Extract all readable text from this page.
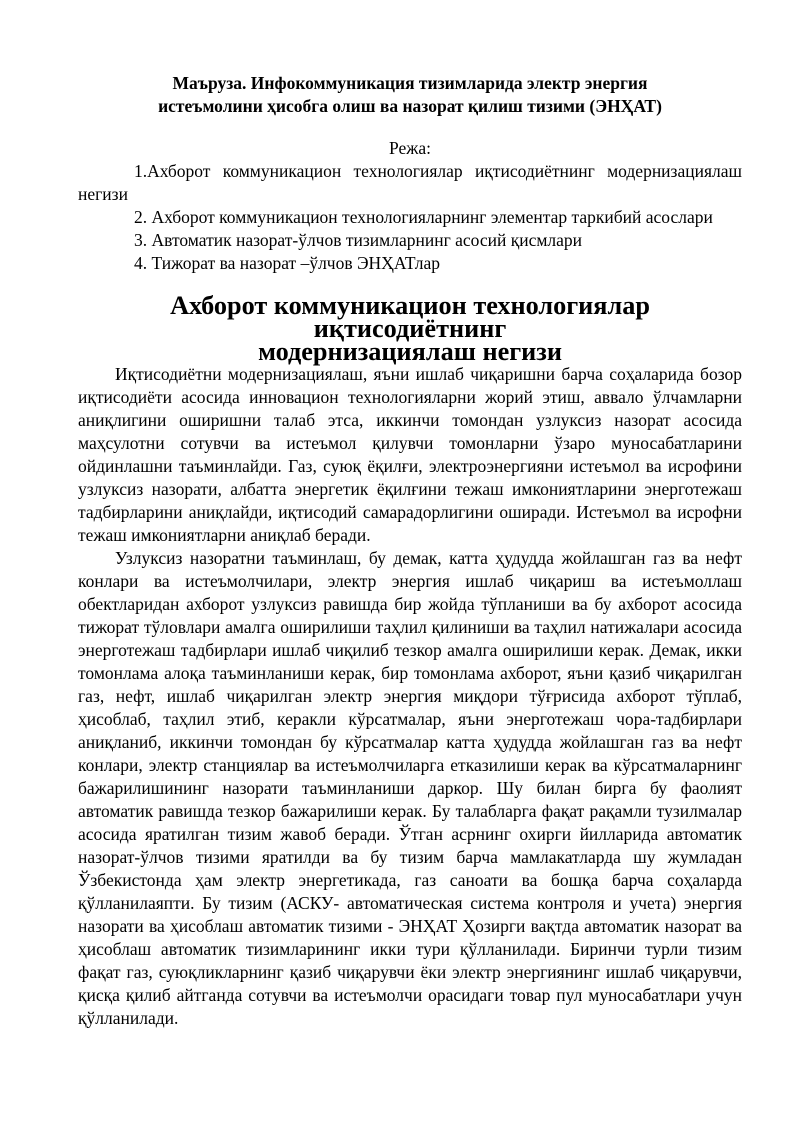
Маъруза. Инфокоммуникация тизимларида электр энергия
истеъмолини ҳисобга олиш ва назорат қилиш тизими (ЭНҲАТ)

Режа:

1.Ахборот коммуникацион технологиялар иқтисодиётнинг модернизациялаш негизи
2. Ахборот коммуникацион технологияларнинг элементар таркибий асослари
3. Автоматик назорат-ўлчов тизимларнинг асосий қисмлари
4. Тижорат ва назорат –ўлчов ЭНҲАТлар
Ахборот коммуникацион технологиялар иқтисодиётнинг
модернизациялаш негизи

Иқтисодиётни модернизациялаш, яъни ишлаб чиқаришни барча соҳаларида бозор иқтисодиёти асосида инновацион технологияларни жорий этиш, аввало ўлчамларни аниқлигини оширишни талаб этса, иккинчи томондан узлуксиз назорат асосида маҳсулотни сотувчи ва истеъмол қилувчи томонларни ўзаро муносабатларини ойдинлашни таъминлайди. Газ, суюқ ёқилғи, электроэнергияни истеъмол ва исрофини узлуксиз назорати, албатта энергетик ёқилғини тежаш имкониятларини энерготежаш тадбирларини аниқлайди, иқтисодий самарадорлигини оширади. Истеъмол ва исрофни тежаш имкониятларни аниқлаб беради.

Узлуксиз назоратни таъминлаш, бу демак, катта ҳудудда жойлашган газ ва нефт конлари ва истеъмолчилари, электр энергия ишлаб чиқариш ва истеъмоллаш обектларидан ахборот узлуксиз равишда бир жойда тўпланиши ва бу ахборот асосида тижорат тўловлари амалга оширилиши таҳлил қилиниши ва таҳлил натижалари асосида энерготежаш тадбирлари ишлаб чиқилиб тезкор амалга оширилиши керак. Демак, икки томонлама алоқа таъминланиши керак, бир томонлама ахборот, яъни қазиб чиқарилган газ, нефт, ишлаб чиқарилган электр энергия миқдори тўғрисида ахборот тўплаб, ҳисоблаб, таҳлил этиб, керакли кўрсатмалар, яъни энерготежаш чора-тадбирлари аниқланиб, иккинчи томондан бу кўрсатмалар катта ҳудудда жойлашган газ ва нефт конлари, электр станциялар ва истеъмолчиларга етказилиши керак ва кўрсатмаларнинг бажарилишининг назорати таъминланиши даркор. Шу билан бирга бу фаолият автоматик равишда тезкор бажарилиши керак. Бу талабларга фақат рақамли тузилмалар асосида яратилган тизим жавоб беради. Ўтган асрнинг охирги йилларида автоматик назорат-ўлчов тизими яратилди ва бу тизим барча мамлакатларда шу жумладан Ўзбекистонда ҳам электр энергетикада, газ саноати ва бошқа барча соҳаларда қўлланилаяпти. Бу тизим (АСКУ- автоматическая система контроля и учета) энергия назорати ва ҳисоблаш автоматик тизими - ЭНҲАТ Ҳозирги вақтда автоматик назорат ва ҳисоблаш автоматик тизимларининг икки тури қўлланилади. Биринчи турли тизим фақат газ, суюқликларнинг қазиб чиқарувчи ёки электр энергиянинг ишлаб чиқарувчи, қисқа қилиб айтганда сотувчи ва истеъмолчи орасидаги товар пул муносабатлари учун қўлланилади.
